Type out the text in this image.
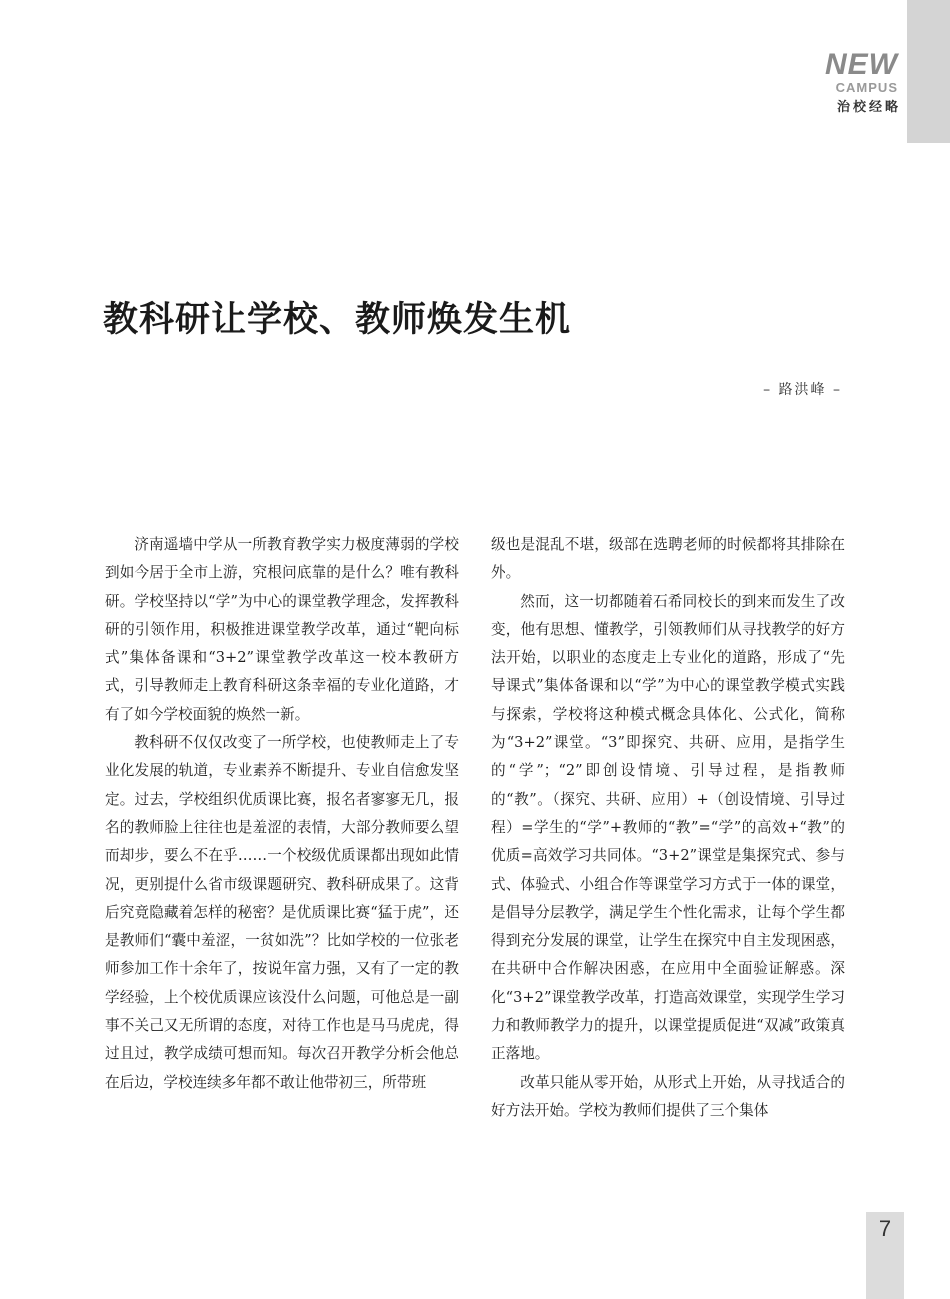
NEW
CAMPUS
治校经略
教科研让学校、教师焕发生机
– 路洪峰 –

济南遥墙中学从一所教育教学实力极度薄弱的学校到如今居于全市上游，究根问底靠的是什么？唯有教科研。学校坚持以“学”为中心的课堂教学理念，发挥教科研的引领作用，积极推进课堂教学改革，通过“靶向标式”集体备课和“3+2”课堂教学改革这一校本教研方式，引导教师走上教育科研这条幸福的专业化道路，才有了如今学校面貌的焕然一新。

教科研不仅仅改变了一所学校，也使教师走上了专业化发展的轨道，专业素养不断提升、专业自信愈发坚定。过去，学校组织优质课比赛，报名者寥寥无几，报名的教师脸上往往也是羞涩的表情，大部分教师要么望而却步，要么不在乎……一个校级优质课都出现如此情况，更别提什么省市级课题研究、教科研成果了。这背后究竟隐藏着怎样的秘密？是优质课比赛“猛于虎”，还是教师们“囊中羞涩，一贫如洗”？比如学校的一位张老师参加工作十余年了，按说年富力强，又有了一定的教学经验，上个校优质课应该没什么问题，可他总是一副事不关己又无所谓的态度，对待工作也是马马虎虎，得过且过，教学成绩可想而知。每次召开教学分析会他总在后边，学校连续多年都不敢让他带初三，所带班

级也是混乱不堪，级部在选聘老师的时候都将其排除在外。

然而，这一切都随着石希同校长的到来而发生了改变，他有思想、懂教学，引领教师们从寻找教学的好方法开始，以职业的态度走上专业化的道路，形成了“先导课式”集体备课和以“学”为中心的课堂教学模式实践与探索，学校将这种模式概念具体化、公式化，简称为“3+2”课堂。“3”即探究、共研、应用，是指学生的“学”；“2”即创设情境、引导过程，是指教师的“教”。（探究、共研、应用）+（创设情境、引导过程）=学生的“学”+教师的“教”=“学”的高效+“教”的优质=高效学习共同体。“3+2”课堂是集探究式、参与式、体验式、小组合作等课堂学习方式于一体的课堂，是倡导分层教学，满足学生个性化需求，让每个学生都得到充分发展的课堂，让学生在探究中自主发现困惑，在共研中合作解决困惑，在应用中全面验证解惑。深化“3+2”课堂教学改革，打造高效课堂，实现学生学习力和教师教学力的提升，以课堂提质促进“双减”政策真正落地。

改革只能从零开始，从形式上开始，从寻找适合的好方法开始。学校为教师们提供了三个集体

7
